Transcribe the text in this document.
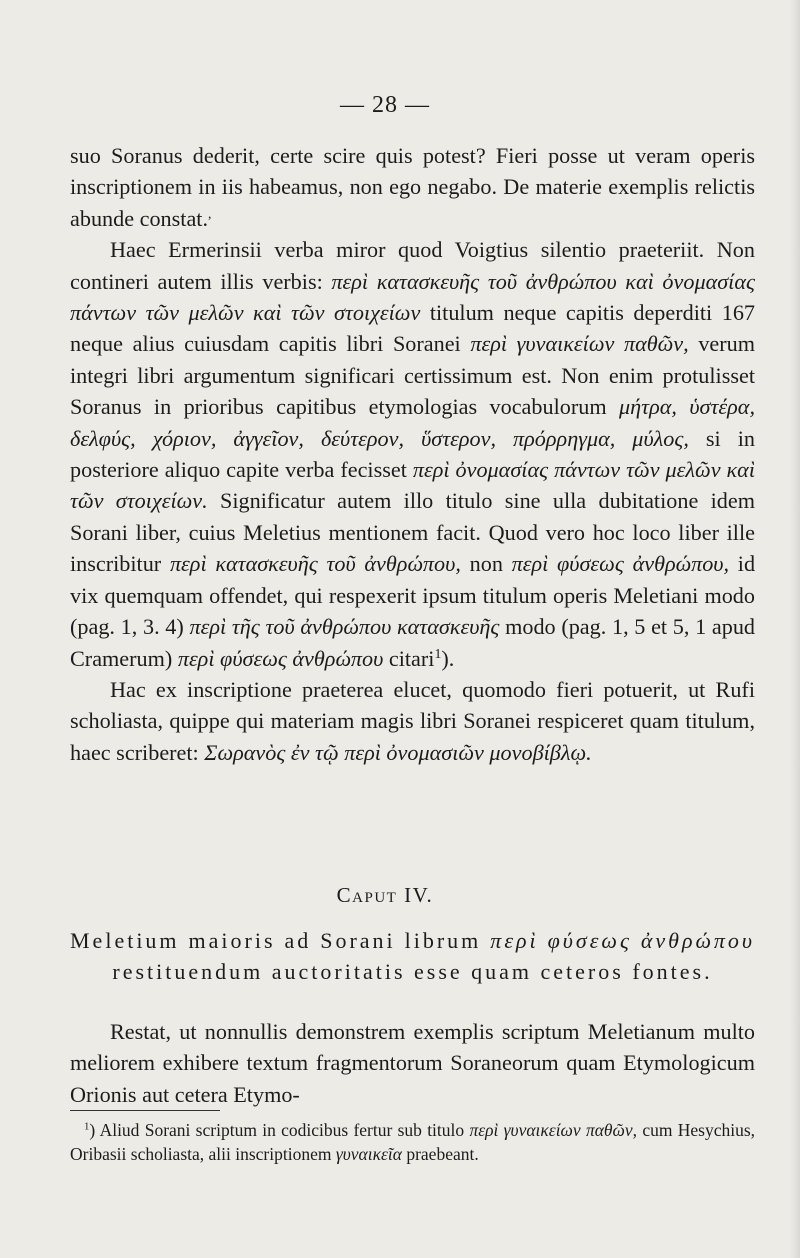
— 28 —

suo Soranus dederit, certe scire quis potest? Fieri posse ut veram operis inscriptionem in iis habeamus, non ego negabo. De materie exemplis relictis abunde constat.,

Haec Ermerinsii verba miror quod Voigtius silentio praeteriit. Non contineri autem illis verbis: περὶ κατασκευῆς τοῦ ἀνθρώπου καὶ ὀνομασίας πάντων τῶν μελῶν καὶ τῶν στοιχείων titulum neque capitis deperditi 167 neque alius cuiusdam capitis libri Soranei περὶ γυναικείων παθῶν, verum integri libri argumentum significari certissimum est. Non enim protulisset Soranus in prioribus capitibus etymologias vocabulorum μήτρα, ὑστέρα, δελφύς, χόριον, ἀγγεῖον, δεύτερον, ὕστερον, πρόρρηγμα, μύλος, si in posteriore aliquo capite verba fecisset περὶ ὀνομασίας πάντων τῶν μελῶν καὶ τῶν στοιχείων. Significatur autem illo titulo sine ulla dubitatione idem Sorani liber, cuius Meletius mentionem facit. Quod vero hoc loco liber ille inscribitur περὶ κατασκευῆς τοῦ ἀνθρώπου, non περὶ φύσεως ἀνθρώπου, id vix quemquam offendet, qui respexerit ipsum titulum operis Meletiani modo (pag. 1, 3. 4) περὶ τῆς τοῦ ἀνθρώπου κατασκευῆς modo (pag. 1, 5 et 5, 1 apud Cramerum) περὶ φύσεως ἀνθρώπου citari$^1$).

Hac ex inscriptione praeterea elucet, quomodo fieri potuerit, ut Rufi scholiasta, quippe qui materiam magis libri Soranei respiceret quam titulum, haec scriberet: Σωρανὸς ἐν τῷ περὶ ὀνομασιῶν μονοβίβλῳ.

Caput IV.
Meletium maioris ad Sorani librum περὶ φύσεως ἀνθρώπου restituendum auctoritatis esse quam ceteros fontes.
Restat, ut nonnullis demonstrem exemplis scriptum Meletianum multo meliorem exhibere textum fragmentorum Soraneorum quam Etymologicum Orionis aut cetera Etymo-
$^1$) Aliud Sorani scriptum in codicibus fertur sub titulo περὶ γυναικείων παθῶν, cum Hesychius, Oribasii scholiasta, alii inscriptionem γυναικεῖα praebeant.
